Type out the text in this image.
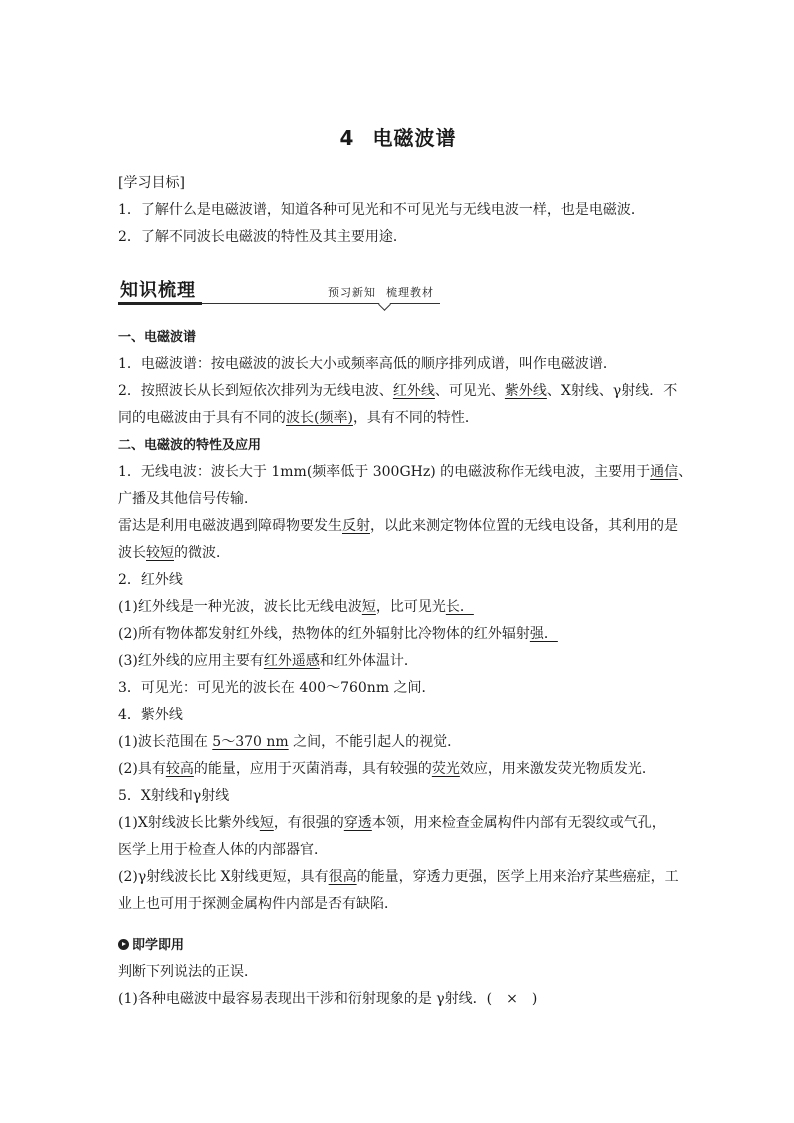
4 电磁波谱
[学习目标]
1．了解什么是电磁波谱，知道各种可见光和不可见光与无线电波一样，也是电磁波．
2．了解不同波长电磁波的特性及其主要用途．
知识梳理	预习新知 梳理教材
一、电磁波谱
1．电磁波谱：按电磁波的波长大小或频率高低的顺序排列成谱，叫作电磁波谱．
2．按照波长从长到短依次排列为无线电波、红外线、可见光、紫外线、X射线、γ射线．不
同的电磁波由于具有不同的波长(频率)，具有不同的特性．
二、电磁波的特性及应用
1．无线电波：波长大于 1mm(频率低于 300GHz) 的电磁波称作无线电波，主要用于通信、
广播及其他信号传输．
雷达是利用电磁波遇到障碍物要发生反射，以此来测定物体位置的无线电设备，其利用的是
波长较短的微波．
2．红外线
(1)红外线是一种光波，波长比无线电波短，比可见光长．
(2)所有物体都发射红外线，热物体的红外辐射比冷物体的红外辐射强．
(3)红外线的应用主要有红外遥感和红外体温计．
3．可见光：可见光的波长在 400～760nm 之间．
4．紫外线
(1)波长范围在 5～370 nm 之间，不能引起人的视觉．
(2)具有较高的能量，应用于灭菌消毒，具有较强的荧光效应，用来激发荧光物质发光．
5．X射线和γ射线
(1)X射线波长比紫外线短，有很强的穿透本领，用来检查金属构件内部有无裂纹或气孔，
医学上用于检查人体的内部器官．
(2)γ射线波长比 X射线更短，具有很高的能量，穿透力更强，医学上用来治疗某些癌症，工
业上也可用于探测金属构件内部是否有缺陷．
即学即用
判断下列说法的正误．
(1)各种电磁波中最容易表现出干涉和衍射现象的是 γ射线．(　×　)
